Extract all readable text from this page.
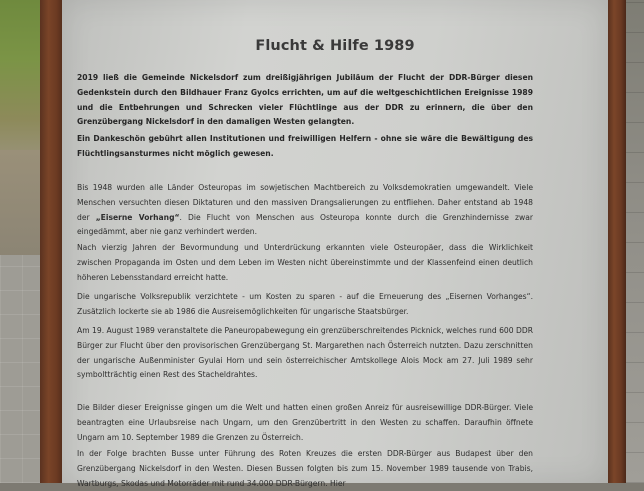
Flucht & Hilfe 1989

2019 ließ die Gemeinde Nickelsdorf zum dreißigjährigen Jubiläum der Flucht der DDR-Bürger diesen Gedenkstein durch den Bildhauer Franz Gyolcs errichten, um auf die weltgeschichtlichen Ereignisse 1989 und die Entbehrungen und Schrecken vieler Flüchtlinge aus der DDR zu erinnern, die über den Grenzübergang Nickelsdorf in den damaligen Westen gelangten.

Ein Dankeschön gebührt allen Institutionen und freiwilligen Helfern - ohne sie wäre die Bewältigung des Flüchtlingsansturmes nicht möglich gewesen.

Bis 1948 wurden alle Länder Osteuropas im sowjetischen Machtbereich zu Volksdemokratien umgewandelt. Viele Menschen versuchten diesen Diktaturen und den massiven Drangsalierungen zu entfliehen. Daher entstand ab 1948 der „Eiserne Vorhang“. Die Flucht von Menschen aus Osteuropa konnte durch die Grenzhindernisse zwar eingedämmt, aber nie ganz verhindert werden.

Nach vierzig Jahren der Bevormundung und Unterdrückung erkannten viele Osteuropäer, dass die Wirklichkeit zwischen Propaganda im Osten und dem Leben im Westen nicht übereinstimmte und der Klassenfeind einen deutlich höheren Lebensstandard erreicht hatte.

Die ungarische Volksrepublik verzichtete - um Kosten zu sparen - auf die Erneuerung des „Eisernen Vorhanges“. Zusätzlich lockerte sie ab 1986 die Ausreisemöglichkeiten für ungarische Staatsbürger.

Am 19. August 1989 veranstaltete die Paneuropabewegung ein grenzüberschreitendes Picknick, welches rund 600 DDR Bürger zur Flucht über den provisorischen Grenzübergang St. Margarethen nach Österreich nutzten. Dazu zerschnitten der ungarische Außenminister Gyulai Horn und sein österreichischer Amtskollege Alois Mock am 27. Juli 1989 sehr symboltträchtig einen Rest des Stacheldrahtes.

Die Bilder dieser Ereignisse gingen um die Welt und hatten einen großen Anreiz für ausreisewillige DDR-Bürger. Viele beantragten eine Urlaubsreise nach Ungarn, um den Grenzübertritt in den Westen zu schaffen. Daraufhin öffnete Ungarn am 10. September 1989 die Grenzen zu Österreich.

In der Folge brachten Busse unter Führung des Roten Kreuzes die ersten DDR-Bürger aus Budapest über den Grenzübergang Nickelsdorf in den Westen. Diesen Bussen folgten bis zum 15. November 1989 tausende von Trabis, Wartburgs, Skodas und Motorräder mit rund 34.000 DDR-Bürgern. Hier
